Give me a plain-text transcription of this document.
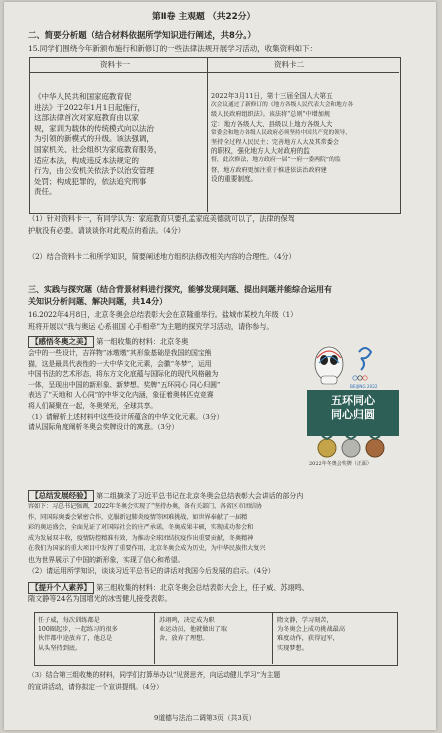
第Ⅱ卷 主观题 （共22分）
二、简要分析题（结合材料依据所学知识进行阐述，共8分。）
15.同学们围绕今年新颁布施行和新修订的一些法律法规开展学习活动，收集资料如下：
资料卡一	资料卡二
《中华人民共和国家庭教育促
进法》于2022年1月1日起施行，
这部法律首次对家庭教育由以家
规，家训为载体的传统模式向以法治
为引领的新模式的升级。该法强调，
国家机关、社会组织为家庭教育服务，
适应本法，构成违反本法规定的
行为，由公安机关依法予以治安管理
处罚；构成犯罪的，依法追究刑事
责任。
2022年3月11日，第十三届全国人大第五
次会议通过了新修订的《地方各级人民代表大会和地方各
级人民政府组织法》。该法将“总则”中增加规
定：地方各级人大、县级以上地方各级人大
常委会和地方各级人民政府必须坚持中国共产党的领导，
坚持全过程人民民主；完善地方人大及其常委会
的职权，强化地方人大对政府的监
督，此次修法，地方政府一届“一府一委两院”的监
督，地方政府更加注重于推进依法治政府建
设的重要制度。
（1）针对资料卡一，有同学认为：家庭教育只要孔孟家庭美德就可以了，法律的保驾
护航没有必要。请谈谈你对此观点的看法。（4分）
（2）结合资料卡二和所学知识，简要阐述地方组织法修改相关内容的合理性。（4分）
三、实践与探究题（结合背景材料进行探究，能够发现问题、提出问题并能综合运用有
关知识分析问题、解决问题，共14分）
16.2022年4月8日，北京冬奥会总结表彰大会在京隆重举行。盐城市某校九年级（1）
班将开展以“我与奥运 心系祖国 心手相牵”为主题的探究学习活动，请你参与。
【感悟冬奥之美】 第一组收集的材料：北京冬奥
会中的一些设计，吉祥物“冰墩墩”其形象基础是我国的国宝熊
猫，这是最具代表性的一大中华文化元素，会徽“冬梦”，运用
中国书法的艺术形态，将东方文化底蕴与国际化的现代风格融为
一体，呈现出中国的新形象、新梦想、奖牌“五环同心 同心归圆”
表达了“天地和 人心同”的中华文化内涵，象征着奥林匹克竞赛
将人们凝聚在一起，冬奥荣光，全球共享。
（1）请解析上述材料中这些设计所蕴含的中华文化元素。（3分）
请从国际角度阐析冬奥会奖牌设计的寓意。（3分）
BEIJING 2022
五环同心
同心归圆
2022年冬奥会奖牌（正面）
【总结发展经验】 第二组摘录了习近平总书记在北京冬奥会总结表彰大会讲话的部分内
容如下：习总书记强调，2022年冬奥会实现了“坚持办奥，备有关部门、各省区市团结协
作，同国际奥委会紧密合作，克服新冠肺炎疫情等困难挑战，如世界奉献了一届精
彩的奥运盛会，全面见证了对国际社会的庄严承诺，冬奥成果丰硕，实现成功参会和
成为发展双丰收，疫情防控精准有效，为推动全球团结抗疫作出重要贡献，冬奥精神
在我们为国家的重大项目中发挥了重要作用，北京冬奥会成为历史，为中华民族伟大复兴
也为世界展示了中国的新形象，实现了信心和希望。
（2）请运用所学知识，谈谈习近平总书记的讲话对我国今后发展的启示。（4分）
【提升个人素养】 第三组收集的材料：北京冬奥会总结表彰大会上，任子威、苏翊鸣、
隋文静等24名为国增光的冰雪健儿接受表彰。
任子威，每次训练都是
100圈起步，一起练习的很多
伙伴都中途放弃了，他总是
从头坚持到底。
苏翊鸣，决定成为职
业运动员，他就做出了取
舍，放弃了理想。
隋文静，学习刻苦，
为冬奥会上成功挑战最高
难度动作，获得冠军，
实现梦想。
（3）结合第三组收集的材料，同学们打算举办以“见贤思齐，向运动健儿学习”为主题
的宣讲活动，请你拟定一个宣讲提纲。（4分）
9道德与法治二调第3页（共3页）
